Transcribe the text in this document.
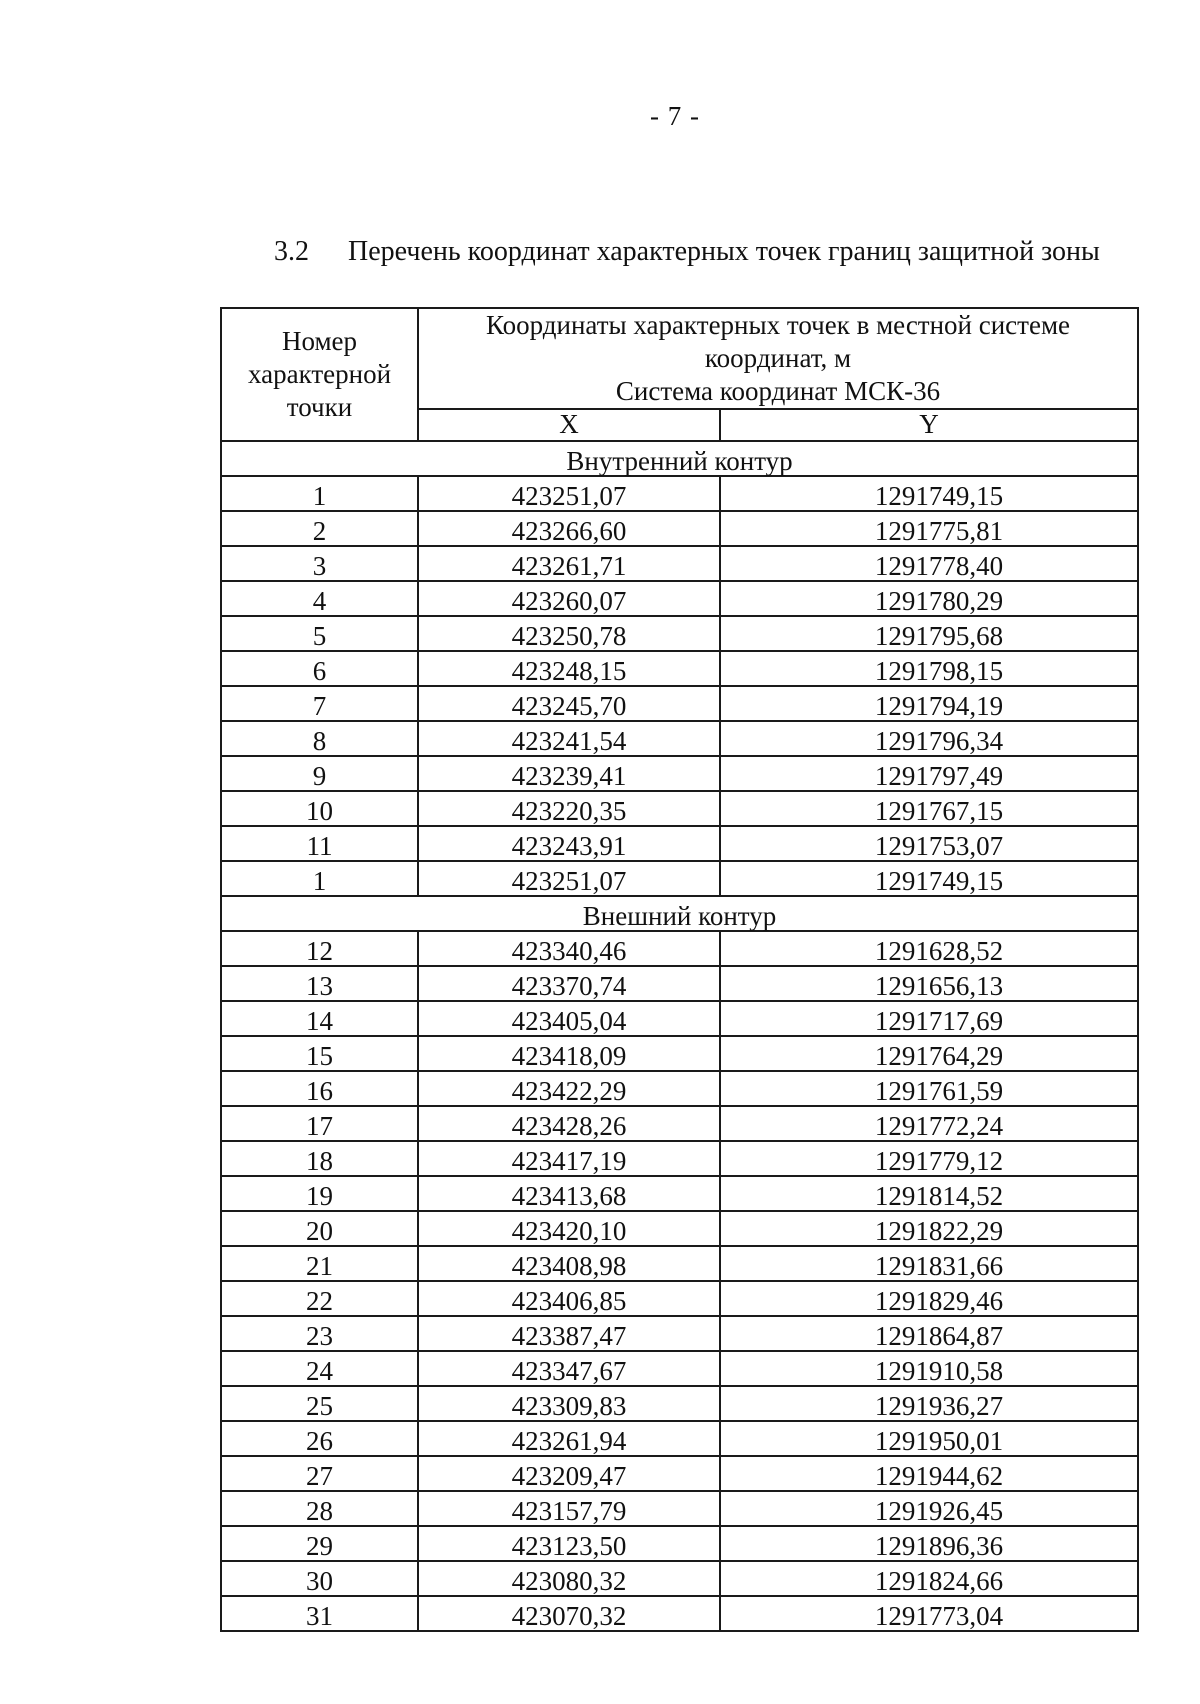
- 7 -
3.2 Перечень координат характерных точек границ защитной зоны
Номер характерной точки	Координаты характерных точек в местной системе
координат, м
Система координат МСК-36	
	X	Y

Внутренний контур		

1	423251,07	1291749,15

2	423266,60	1291775,81

3	423261,71	1291778,40

4	423260,07	1291780,29

5	423250,78	1291795,68

6	423248,15	1291798,15

7	423245,70	1291794,19

8	423241,54	1291796,34

9	423239,41	1291797,49

10	423220,35	1291767,15

11	423243,91	1291753,07

1	423251,07	1291749,15

Внешний контур		

12	423340,46	1291628,52

13	423370,74	1291656,13

14	423405,04	1291717,69

15	423418,09	1291764,29

16	423422,29	1291761,59

17	423428,26	1291772,24

18	423417,19	1291779,12

19	423413,68	1291814,52

20	423420,10	1291822,29

21	423408,98	1291831,66

22	423406,85	1291829,46

23	423387,47	1291864,87

24	423347,67	1291910,58

25	423309,83	1291936,27

26	423261,94	1291950,01

27	423209,47	1291944,62

28	423157,79	1291926,45

29	423123,50	1291896,36

30	423080,32	1291824,66

31	423070,32	1291773,04
